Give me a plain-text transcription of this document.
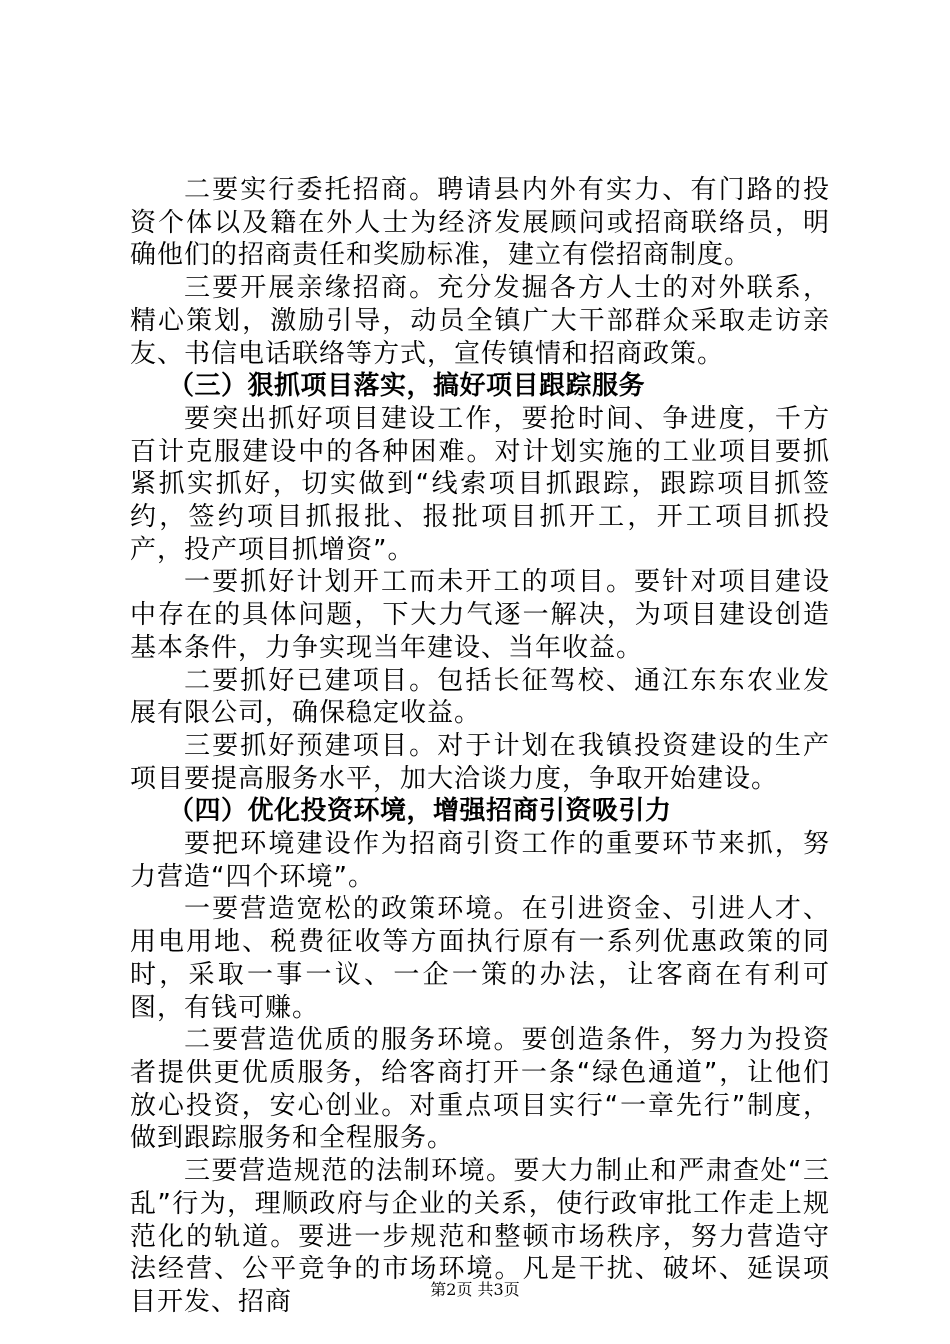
二要实行委托招商。聘请县内外有实力、有门路的投资个体以及籍在外人士为经济发展顾问或招商联络员，明确他们的招商责任和奖励标准，建立有偿招商制度。

三要开展亲缘招商。充分发掘各方人士的对外联系，精心策划，激励引导，动员全镇广大干部群众采取走访亲友、书信电话联络等方式，宣传镇情和招商政策。

（三）狠抓项目落实，搞好项目跟踪服务

要突出抓好项目建设工作，要抢时间、争进度，千方百计克服建设中的各种困难。对计划实施的工业项目要抓紧抓实抓好，切实做到“线索项目抓跟踪，跟踪项目抓签约，签约项目抓报批、报批项目抓开工，开工项目抓投产，投产项目抓增资”。

一要抓好计划开工而未开工的项目。要针对项目建设中存在的具体问题，下大力气逐一解决，为项目建设创造基本条件，力争实现当年建设、当年收益。

二要抓好已建项目。包括长征驾校、通江东东农业发展有限公司，确保稳定收益。

三要抓好预建项目。对于计划在我镇投资建设的生产项目要提高服务水平，加大洽谈力度，争取开始建设。

（四）优化投资环境，增强招商引资吸引力

要把环境建设作为招商引资工作的重要环节来抓，努力营造“四个环境”。

一要营造宽松的政策环境。在引进资金、引进人才、用电用地、税费征收等方面执行原有一系列优惠政策的同时，采取一事一议、一企一策的办法，让客商在有利可图，有钱可赚。

二要营造优质的服务环境。要创造条件，努力为投资者提供更优质服务，给客商打开一条“绿色通道”，让他们放心投资，安心创业。对重点项目实行“一章先行”制度，做到跟踪服务和全程服务。

三要营造规范的法制环境。要大力制止和严肃查处“三乱”行为，理顺政府与企业的关系，使行政审批工作走上规范化的轨道。要进一步规范和整顿市场秩序，努力营造守法经营、公平竞争的市场环境。凡是干扰、破坏、延误项目开发、招商	第2页 共3页
